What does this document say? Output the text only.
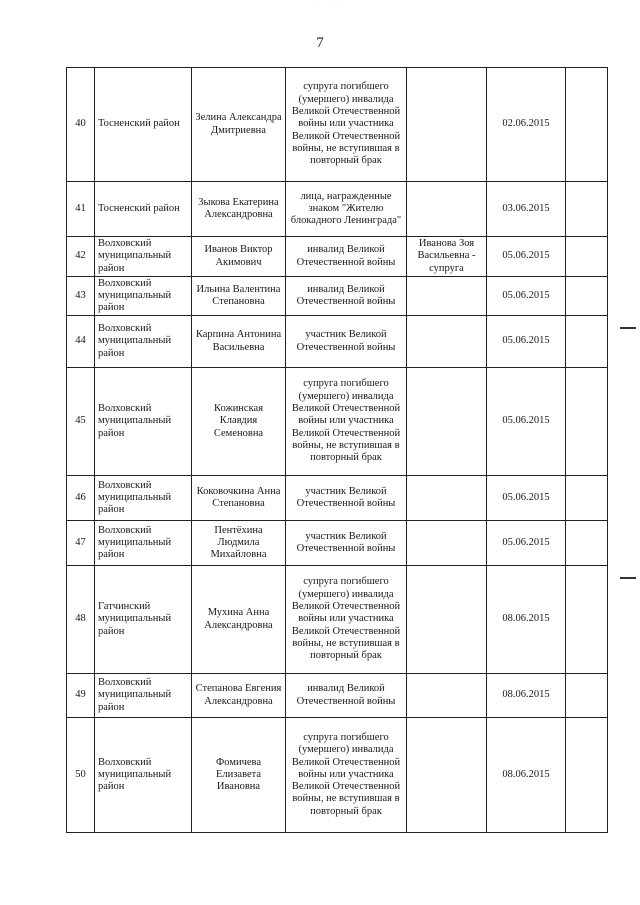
· · ·
7
40	Тосненский район	Зелина Александра Дмитриевна	супруга погибшего (умершего) инвалида Великой Отечественной войны или участника Великой Отечественной войны, не вступившая в повторный брак		02.06.2015	
41	Тосненский район	Зыкова Екатерина Александровна	лица, награжденные знаком "Жителю блокадного Ленинграда"		03.06.2015	
42	Волховский муниципальный район	Иванов Виктор Акимович	инвалид Великой Отечественной войны	Иванова Зоя Васильевна - супруга	05.06.2015	
43	Волховский муниципальный район	Ильина Валентина Степановна	инвалид Великой Отечественной войны		05.06.2015	
44	Волховский муниципальный район	Карпина Антонина Васильевна	участник Великой Отечественной войны		05.06.2015	
45	Волховский муниципальный район	Кожинская Клавдия Семеновна	супруга погибшего (умершего) инвалида Великой Отечественной войны или участника Великой Отечественной войны, не вступившая в повторный брак		05.06.2015	
46	Волховский муниципальный район	Коковочкина Анна Степановна	участник Великой Отечественной войны		05.06.2015	
47	Волховский муниципальный район	Пентёхина Людмила Михайловна	участник Великой Отечественной войны		05.06.2015	
48	Гатчинский муниципальный район	Мухина Анна Александровна	супруга погибшего (умершего) инвалида Великой Отечественной войны или участника Великой Отечественной войны, не вступившая в повторный брак		08.06.2015	
49	Волховский муниципальный район	Степанова Евгения Александровна	инвалид Великой Отечественной войны		08.06.2015	
50	Волховский муниципальный район	Фомичева Елизавета Ивановна	супруга погибшего (умершего) инвалида Великой Отечественной войны или участника Великой Отечественной войны, не вступившая в повторный брак		08.06.2015	
